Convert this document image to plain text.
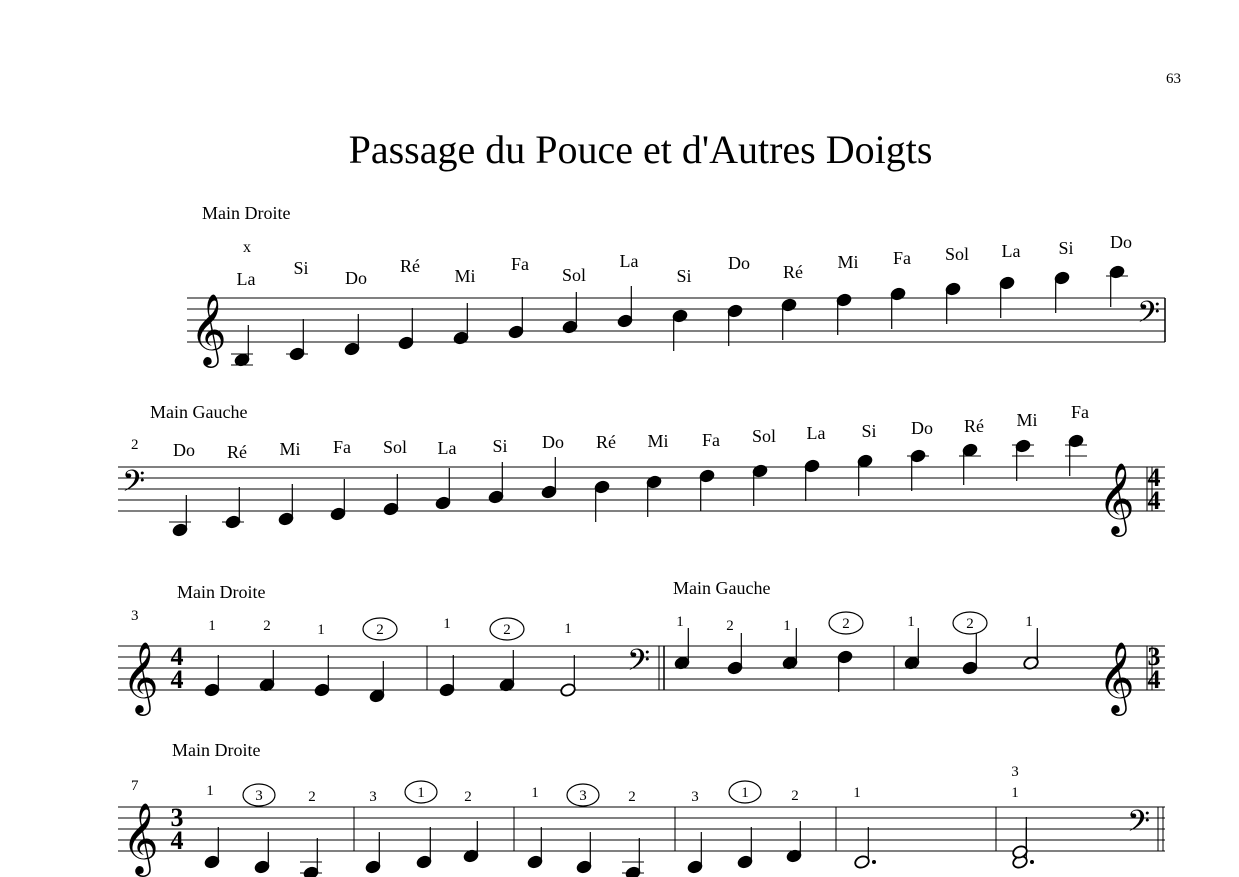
63
Passage du Pouce et d'Autres Doigts
Main Droite
x
𝄞
La
Si Do
Ré Mi
Fa
Sol
La
Si
Do Ré Mi Fa Sol La Si Do
𝄢
Main Gauche
2
𝄢
Do Ré Mi Fa Sol La Si Do Ré Mi Fa Sol La Si Do Ré Mi Fa
𝄞 4
4
3
Main Droite	Main Gauche
𝄞 4
4	𝄢
1	2	1	2	1	2	1	1	2	1	2	1	2	1
𝄞 3
4
7
Main Droite
𝄞 3
4
1	3	2	3	1	2	1	3	2	3	1	2	1
3
1
𝄢
